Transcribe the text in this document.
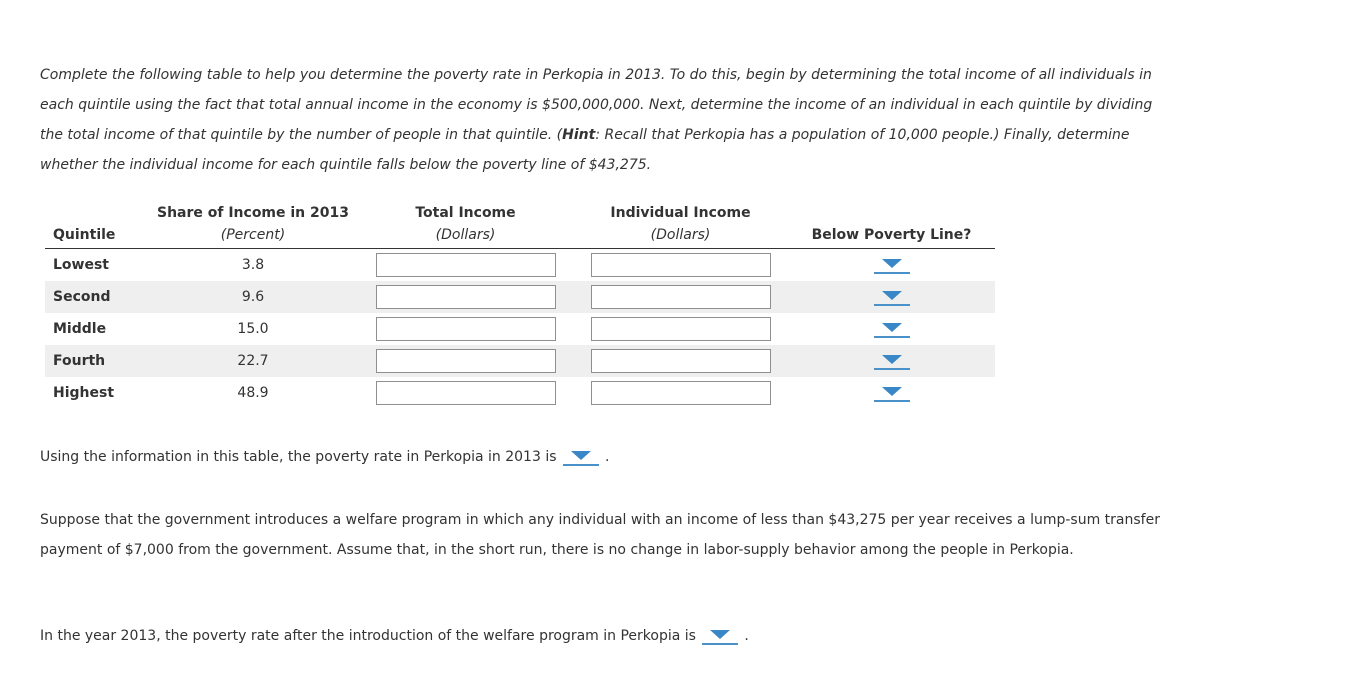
Complete the following table to help you determine the poverty rate in Perkopia in 2013. To do this, begin by determining the total income of all individuals in each quintile using the fact that total annual income in the economy is $500,000,000. Next, determine the income of an individual in each quintile by dividing the total income of that quintile by the number of people in that quintile. (Hint: Recall that Perkopia has a population of 10,000 people.) Finally, determine whether the individual income for each quintile falls below the poverty line of $43,275.
	Share of Income in 2013	Total Income	Individual Income	
Quintile	(Percent)	(Dollars)	(Dollars)	Below Poverty Line?
Lowest	3.8			

Second	9.6			

Middle	15.0			

Fourth	22.7			

Highest	48.9			
Using the information in this table, the poverty rate in Perkopia in 2013 is	.
Suppose that the government introduces a welfare program in which any individual with an income of less than $43,275 per year receives a lump-sum transfer payment of $7,000 from the government. Assume that, in the short run, there is no change in labor-supply behavior among the people in Perkopia.
In the year 2013, the poverty rate after the introduction of the welfare program in Perkopia is	.
